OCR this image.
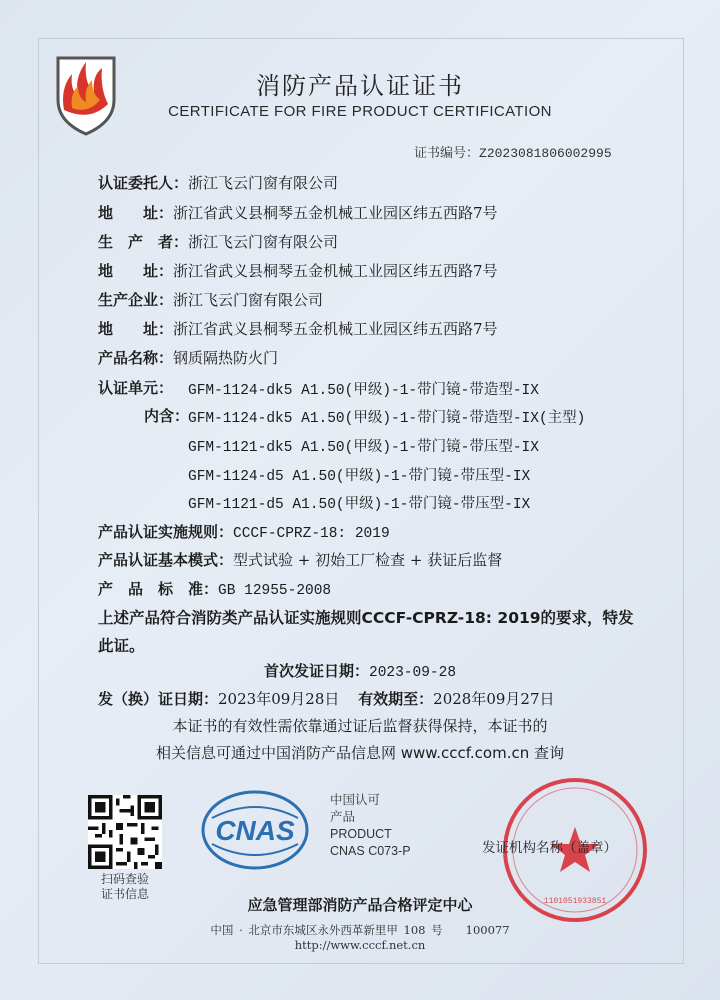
消防产品认证证书
CERTIFICATE FOR FIRE PRODUCT CERTIFICATION
证书编号：Z2023081806002995
认证委托人：浙江飞云门窗有限公司
地　　址：浙江省武义县桐琴五金机械工业园区纬五西路7号
生　产　者：浙江飞云门窗有限公司
地　　址：浙江省武义县桐琴五金机械工业园区纬五西路7号
生产企业：浙江飞云门窗有限公司
地　　址：浙江省武义县桐琴五金机械工业园区纬五西路7号
产品名称：钢质隔热防火门
认证单元： GFM-1124-dk5 A1.50(甲级)-1-带门镜-带造型-IX
内含：
GFM-1124-dk5 A1.50(甲级)-1-带门镜-带造型-IX(主型)
GFM-1121-dk5 A1.50(甲级)-1-带门镜-带压型-IX
GFM-1124-d5 A1.50(甲级)-1-带门镜-带压型-IX
GFM-1121-d5 A1.50(甲级)-1-带门镜-带压型-IX
产品认证实施规则：CCCF-CPRZ-18: 2019
产品认证基本模式：型式试验 + 初始工厂检查 + 获证后监督
产　品　标　准：GB 12955-2008
上述产品符合消防类产品认证实施规则CCCF-CPRZ-18: 2019的要求，特发
此证。
首次发证日期：2023-09-28
发（换）证日期：2023年09月28日 有效期至：2028年09月27日
本证书的有效性需依靠通过证后监督获得保持，本证书的
相关信息可通过中国消防产品信息网 www.cccf.com.cn 查询
扫码查验
证书信息
CNAS
中国认可
产品
PRODUCT
CNAS C073-P
1101051933851
发证机构名称（盖章）
应急管理部消防产品合格评定中心
中国 · 北京市东城区永外西革新里甲 108 号　　100077
http://www.cccf.net.cn
